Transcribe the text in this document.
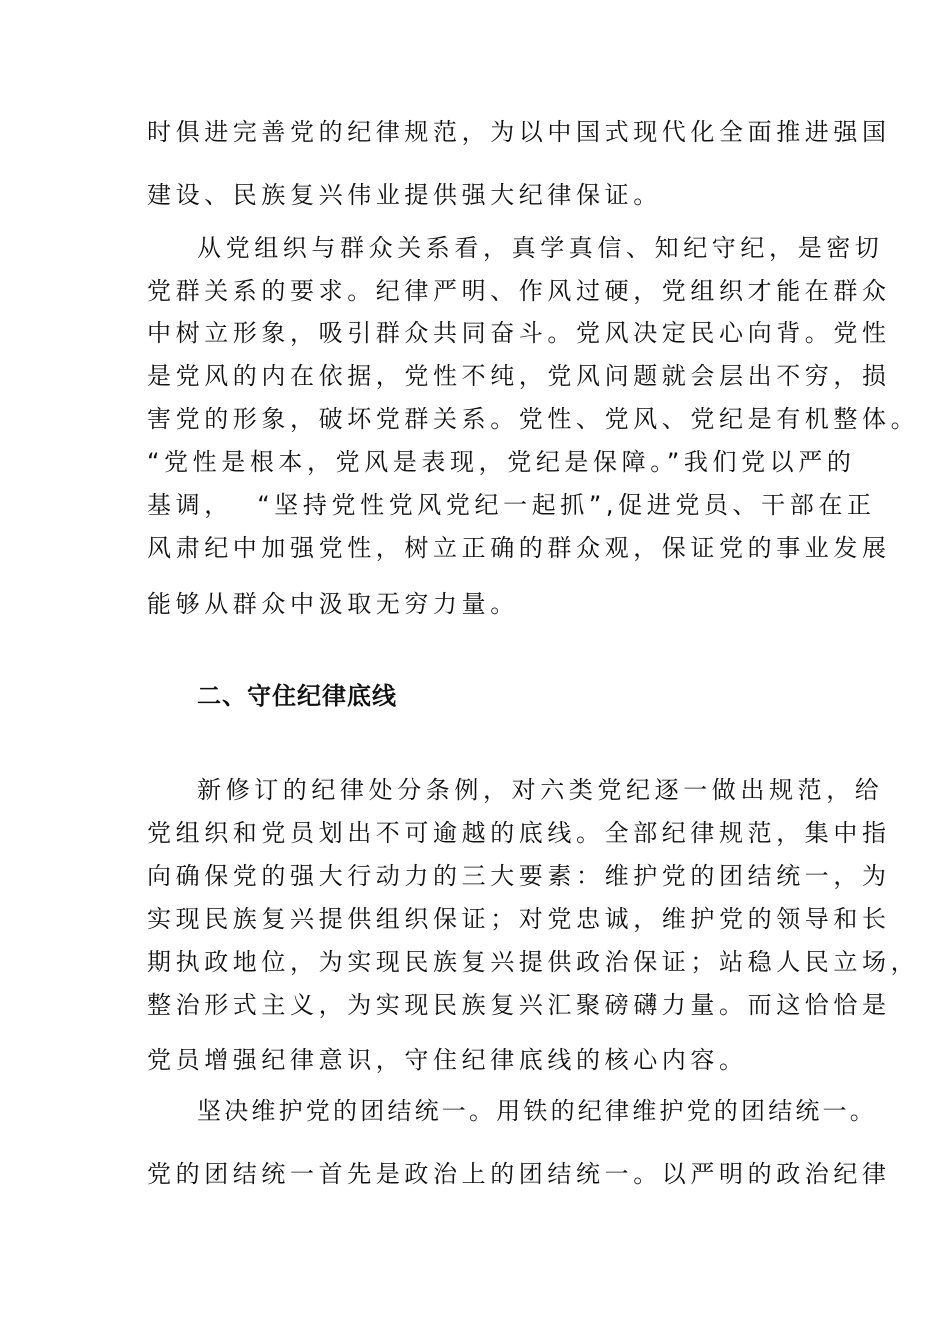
时俱进完善党的纪律规范，为以中国式现代化全面推进强国
建设、民族复兴伟业提供强大纪律保证。
从党组织与群众关系看，真学真信、知纪守纪，是密切
党群关系的要求。纪律严明、作风过硬，党组织才能在群众
中树立形象，吸引群众共同奋斗。党风决定民心向背。党性
是党风的内在依据，党性不纯，党风问题就会层出不穷，损
害党的形象，破坏党群关系。党性、党风、党纪是有机整体。
“党性是根本，党风是表现，党纪是保障。”我们党以严的
基调，  “坚持党性党风党纪一起抓”,促进党员、干部在正
风肃纪中加强党性，树立正确的群众观，保证党的事业发展
能够从群众中汲取无穷力量。
二、守住纪律底线
新修订的纪律处分条例，对六类党纪逐一做出规范，给
党组织和党员划出不可逾越的底线。全部纪律规范，集中指
向确保党的强大行动力的三大要素：维护党的团结统一，为
实现民族复兴提供组织保证；对党忠诚，维护党的领导和长
期执政地位，为实现民族复兴提供政治保证；站稳人民立场，
整治形式主义，为实现民族复兴汇聚磅礴力量。而这恰恰是
党员增强纪律意识，守住纪律底线的核心内容。
坚决维护党的团结统一。用铁的纪律维护党的团结统一。
党的团结统一首先是政治上的团结统一。以严明的政治纪律
